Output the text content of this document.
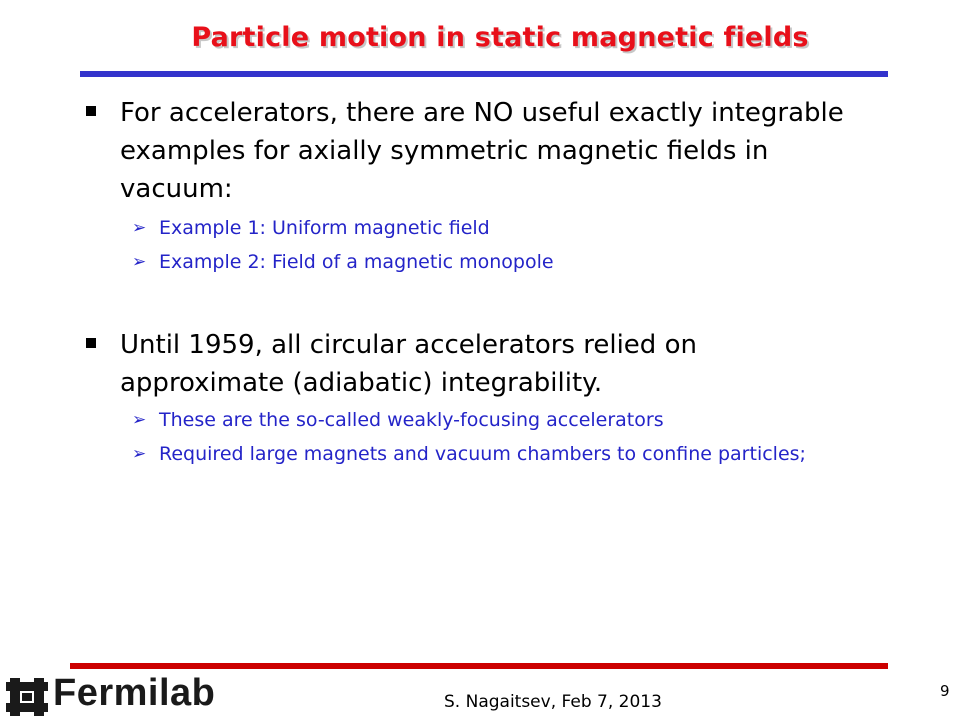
Particle motion in static magnetic fields
For accelerators, there are NO useful exactly integrable examples for axially symmetric magnetic fields in vacuum:
➢ Example 1: Uniform magnetic field
➢ Example 2: Field of a magnetic monopole
Until 1959, all circular accelerators relied on approximate (adiabatic) integrability.
➢ These are the so-called weakly-focusing accelerators
➢ Required large magnets and vacuum chambers to confine particles;
Fermilab	S. Nagaitsev, Feb 7, 2013
9
